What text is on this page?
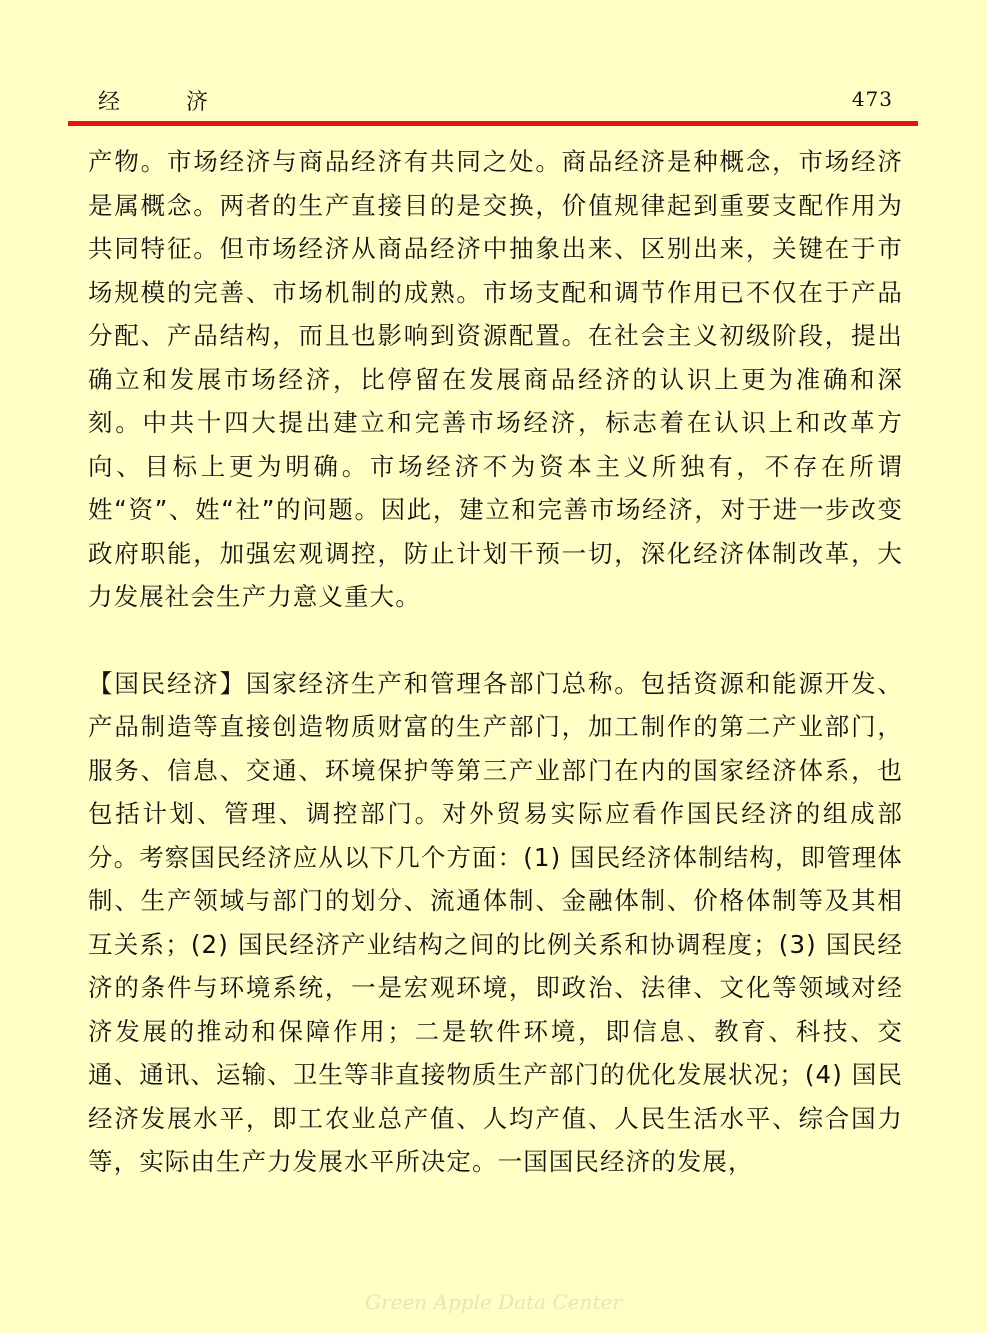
经济	473

产物。市场经济与商品经济有共同之处。商品经济是种概念，市场经济是属概念。两者的生产直接目的是交换，价值规律起到重要支配作用为共同特征。但市场经济从商品经济中抽象出来、区别出来，关键在于市场规模的完善、市场机制的成熟。市场支配和调节作用已不仅在于产品分配、产品结构，而且也影响到资源配置。在社会主义初级阶段，提出确立和发展市场经济，比停留在发展商品经济的认识上更为准确和深刻。中共十四大提出建立和完善市场经济，标志着在认识上和改革方向、目标上更为明确。市场经济不为资本主义所独有，不存在所谓姓“资”、姓“社”的问题。因此，建立和完善市场经济，对于进一步改变政府职能，加强宏观调控，防止计划干预一切，深化经济体制改革，大力发展社会生产力意义重大。

【国民经济】国家经济生产和管理各部门总称。包括资源和能源开发、产品制造等直接创造物质财富的生产部门，加工制作的第二产业部门，服务、信息、交通、环境保护等第三产业部门在内的国家经济体系，也包括计划、管理、调控部门。对外贸易实际应看作国民经济的组成部分。考察国民经济应从以下几个方面：(1) 国民经济体制结构，即管理体制、生产领域与部门的划分、流通体制、金融体制、价格体制等及其相互关系；(2) 国民经济产业结构之间的比例关系和协调程度；(3) 国民经济的条件与环境系统，一是宏观环境，即政治、法律、文化等领域对经济发展的推动和保障作用；二是软件环境，即信息、教育、科技、交通、通讯、运输、卫生等非直接物质生产部门的优化发展状况；(4) 国民经济发展水平，即工农业总产值、人均产值、人民生活水平、综合国力等，实际由生产力发展水平所决定。一国国民经济的发展，

Green Apple Data Center
